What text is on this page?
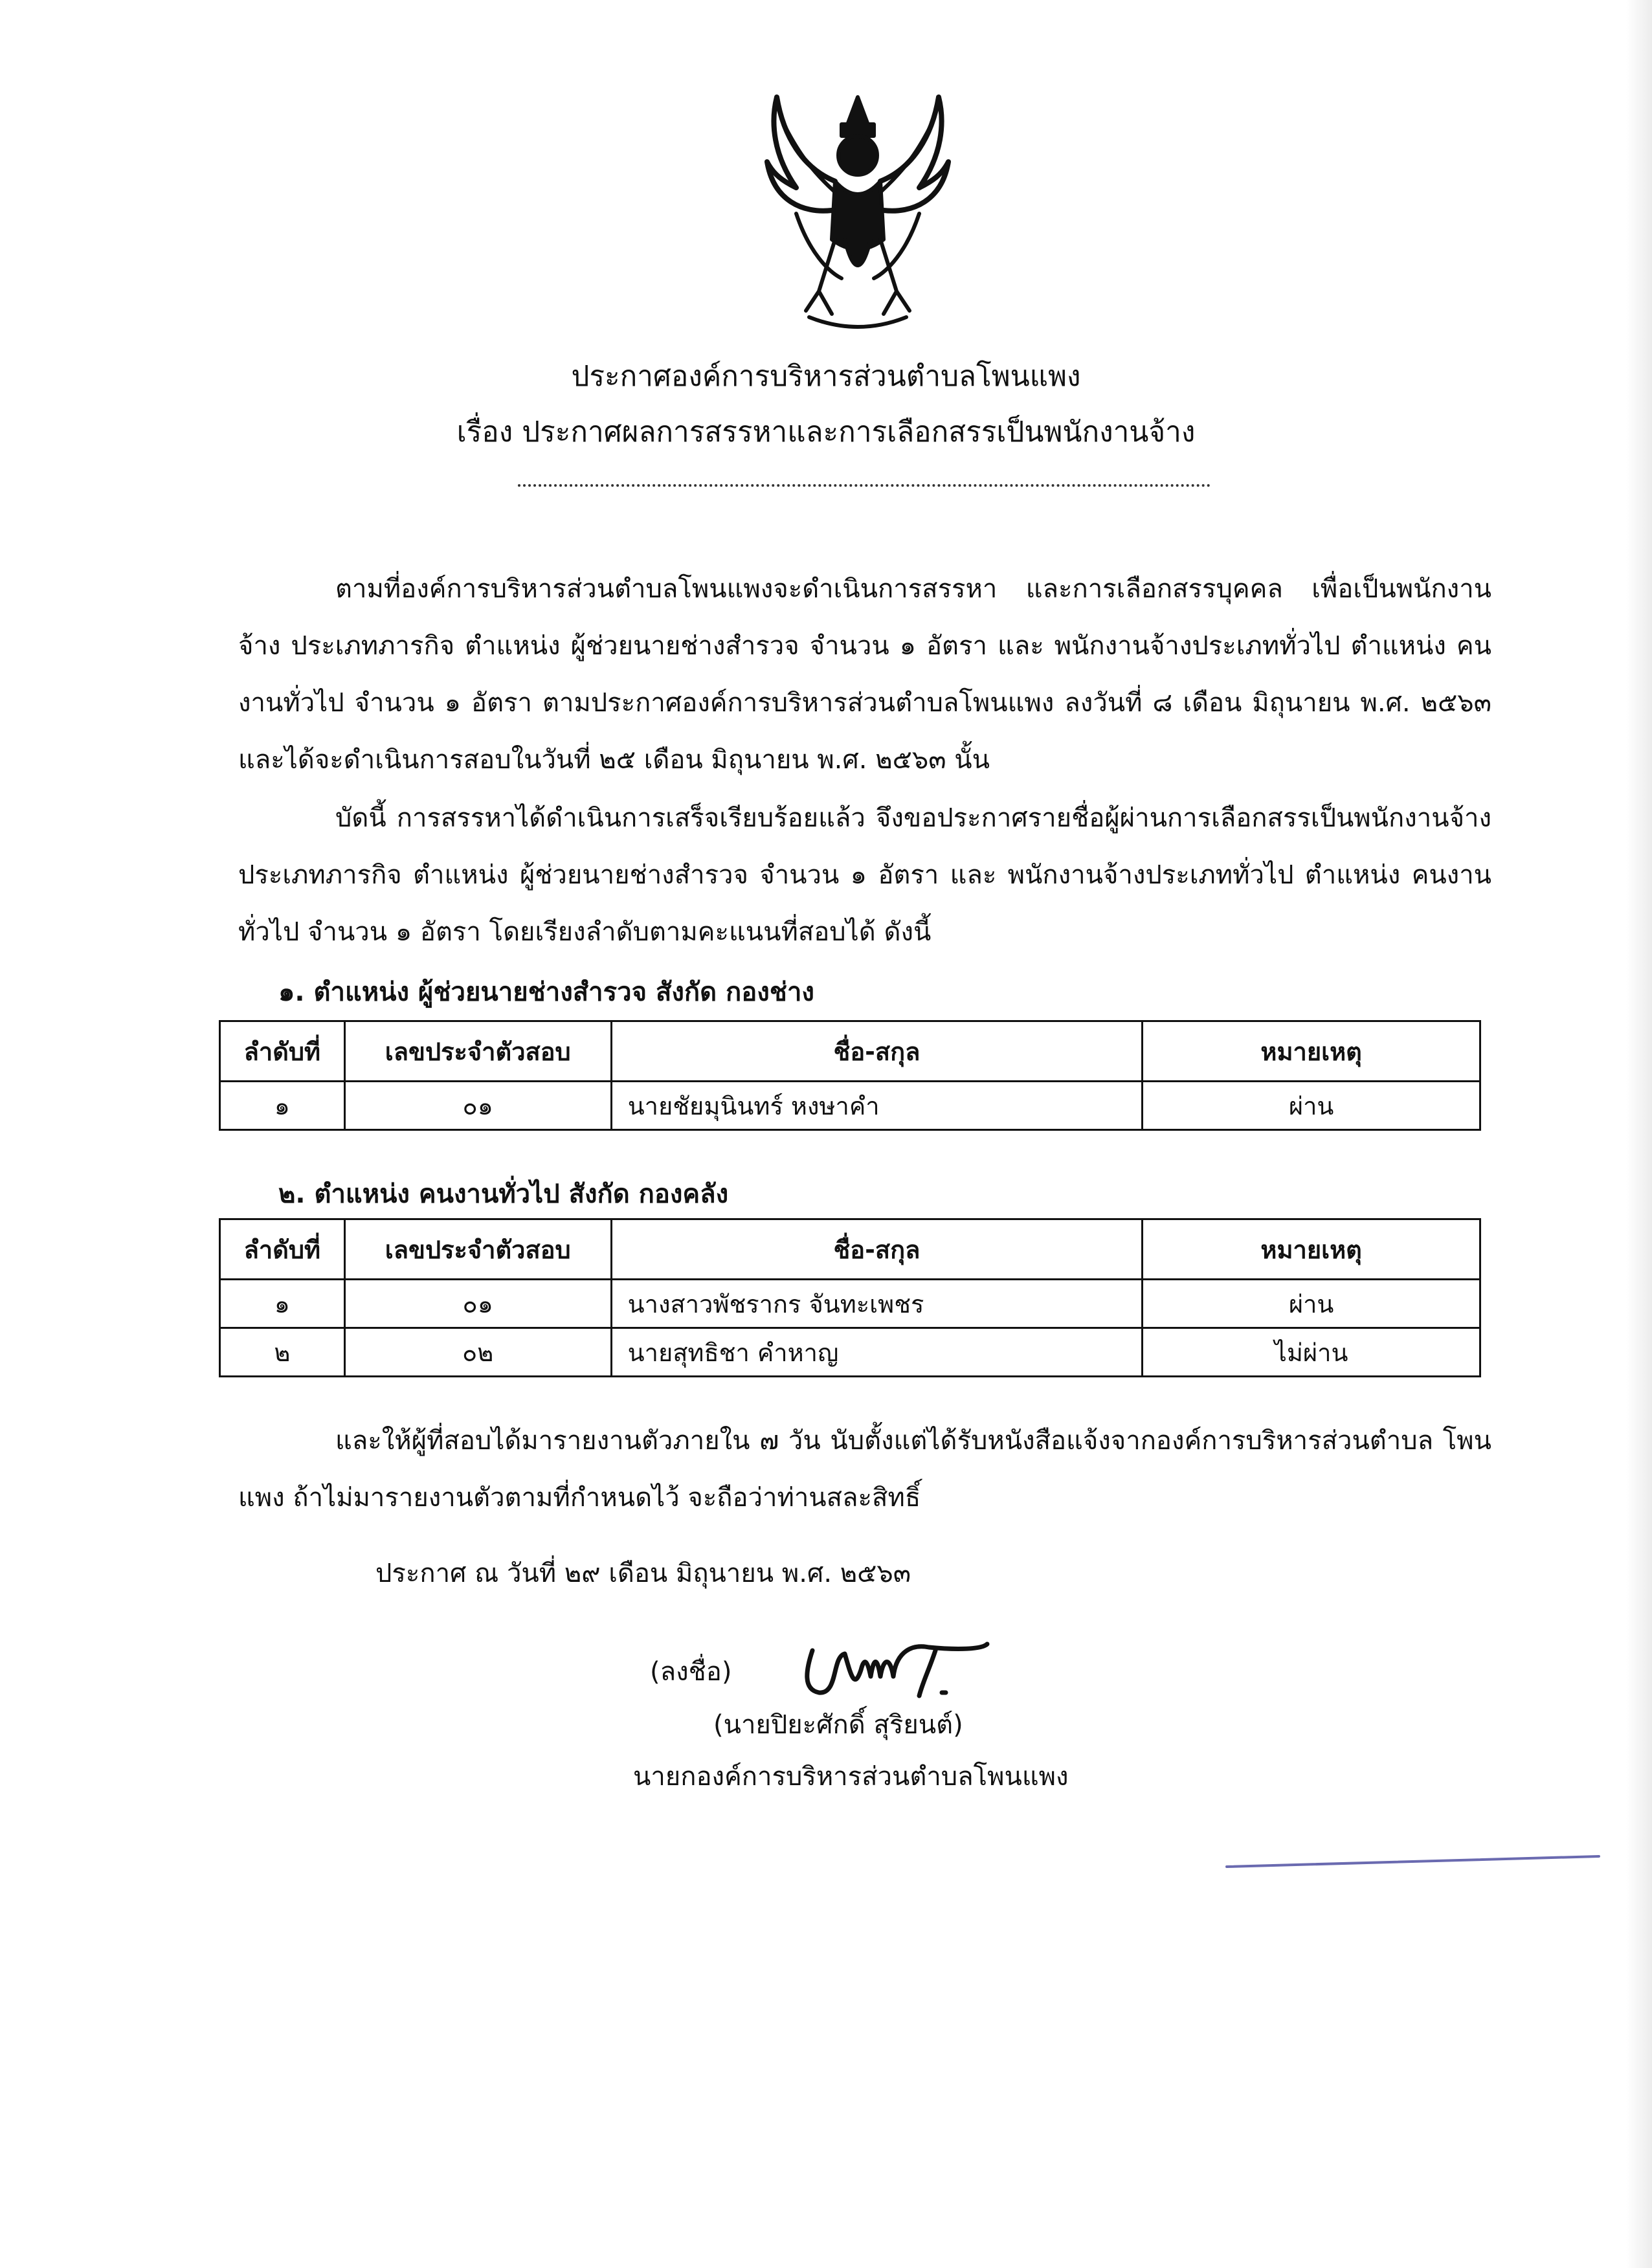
ประกาศองค์การบริหารส่วนตำบลโพนแพง
เรื่อง ประกาศผลการสรรหาและการเลือกสรรเป็นพนักงานจ้าง
ตามที่องค์การบริหารส่วนตำบลโพนแพงจะดำเนินการสรรหา และการเลือกสรรบุคคล เพื่อเป็นพนักงานจ้าง ประเภทภารกิจ ตำแหน่ง ผู้ช่วยนายช่างสำรวจ จำนวน ๑ อัตรา และ พนักงานจ้างประเภททั่วไป ตำแหน่ง คนงานทั่วไป จำนวน ๑ อัตรา ตามประกาศองค์การบริหารส่วนตำบลโพนแพง ลงวันที่ ๘ เดือน มิถุนายน พ.ศ. ๒๕๖๓ และได้จะดำเนินการสอบในวันที่ ๒๕ เดือน มิถุนายน พ.ศ. ๒๕๖๓ นั้น
บัดนี้ การสรรหาได้ดำเนินการเสร็จเรียบร้อยแล้ว จึงขอประกาศรายชื่อผู้ผ่านการเลือกสรรเป็นพนักงานจ้าง ประเภทภารกิจ ตำแหน่ง ผู้ช่วยนายช่างสำรวจ จำนวน ๑ อัตรา และ พนักงานจ้างประเภททั่วไป ตำแหน่ง คนงานทั่วไป จำนวน ๑ อัตรา โดยเรียงลำดับตามคะแนนที่สอบได้ ดังนี้
๑. ตำแหน่ง ผู้ช่วยนายช่างสำรวจ สังกัด กองช่าง
ลำดับที่	เลขประจำตัวสอบ	ชื่อ-สกุล	หมายเหตุ
๑	๐๑	นายชัยมุนินทร์ หงษาคำ	ผ่าน
๒. ตำแหน่ง คนงานทั่วไป สังกัด กองคลัง
ลำดับที่	เลขประจำตัวสอบ	ชื่อ-สกุล	หมายเหตุ
๑	๐๑	นางสาวพัชรากร จันทะเพชร	ผ่าน
๒	๐๒	นายสุทธิชา คำหาญ	ไม่ผ่าน
และให้ผู้ที่สอบได้มารายงานตัวภายใน ๗ วัน นับตั้งแต่ได้รับหนังสือแจ้งจากองค์การบริหารส่วนตำบล โพนแพง ถ้าไม่มารายงานตัวตามที่กำหนดไว้ จะถือว่าท่านสละสิทธิ์
ประกาศ ณ วันที่ ๒๙ เดือน มิถุนายน พ.ศ. ๒๕๖๓
(ลงชื่อ)
(นายปิยะศักดิ์ สุริยนต์)
นายกองค์การบริหารส่วนตำบลโพนแพง
